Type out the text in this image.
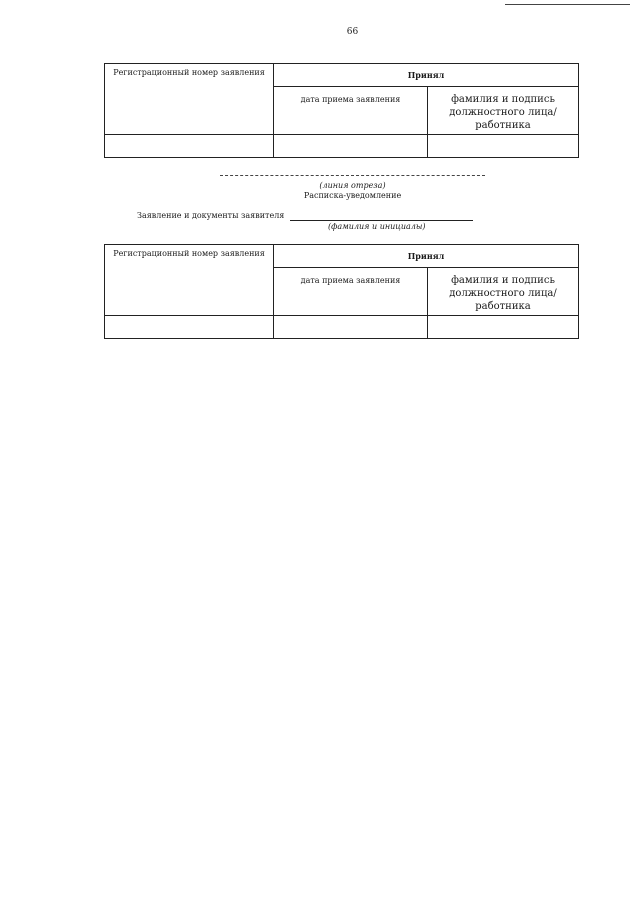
66
Регистрационный номер заявления	Принял	
	дата приема заявления	фамилия и подпись должностного лица/работника

(линия отреза)
Расписка-уведомление
Заявление и документы заявителя
(фамилия и инициалы)
Регистрационный номер заявления	Принял	
	дата приема заявления	фамилия и подпись должностного лица/работника
